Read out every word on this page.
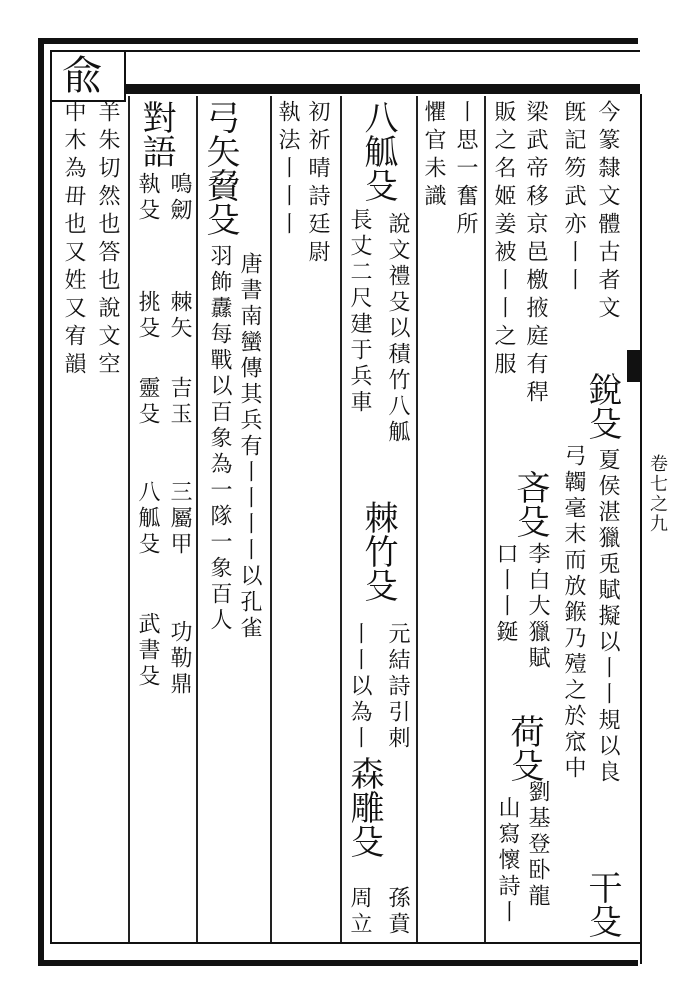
兪
卷七之九
今篆隸文體古者文
銳殳
夏侯湛獵兎賦擬以丨丨規以良
干殳
旣記笏武亦丨丨
弓韣毫末而放鍭乃殪之於窊中
梁武帝移京邑檄掖庭有稈
吝殳
李白大獵賦
販之名姬姜被丨丨之服
口丨丨鋋
荷殳
劉基登卧龍
山寫懷詩丨
丨思一奮所
懼官未識
八觚殳
說文禮殳以積竹八觚
棘竹殳
元結詩引刺
長丈二尺建于兵車
丨丨以為丨
森雕殳
孫賁
周立
初祈晴詩廷尉
執法丨丨丨
弓矢䝱殳
唐書南蠻傳其兵有丨丨丨丨以孔雀
羽飾纛每戰以百象為一隊一象百人
對語
鳴劒
棘矢
吉玉
三屬甲
功勒鼎
執殳
挑殳
靈殳
八觚殳
武書殳
羊朱切然也答也說文空
中木為毌也又姓又宥韻
